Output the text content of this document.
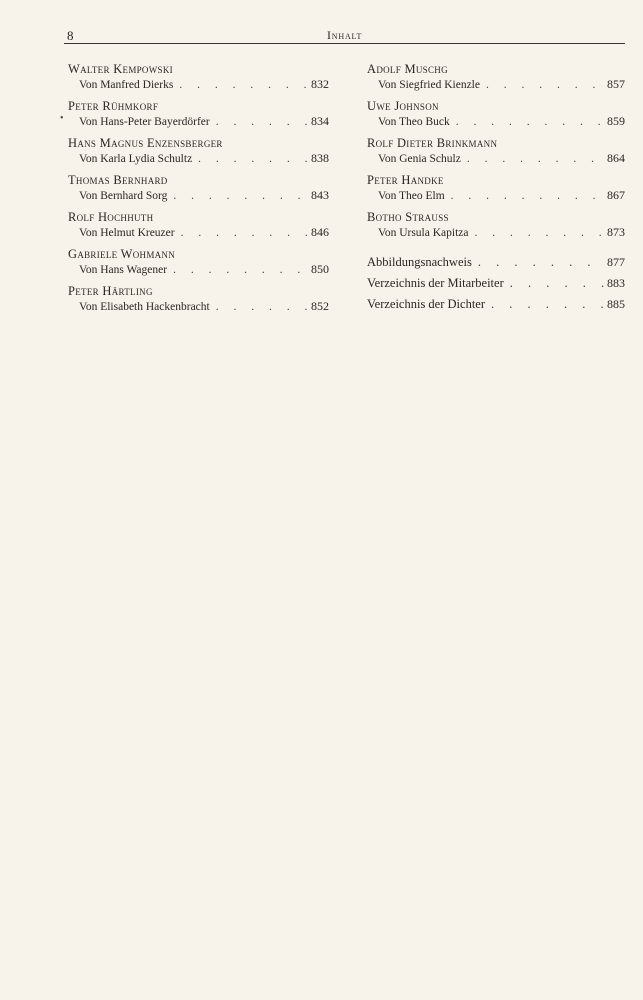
8	Inhalt
•
Walter Kempowski
Von Manfred Dierks . . .	832
Peter Rühmkorf
Von Hans-Peter Bayerdörfer . . .	834
Hans Magnus Enzensberger
Von Karla Lydia Schultz . . .	838
Thomas Bernhard
Von Bernhard Sorg . . .	843
Rolf Hochhuth
Von Helmut Kreuzer . . .	846
Gabriele Wohmann
Von Hans Wagener . . .	850
Peter Härtling
Von Elisabeth Hackenbracht . . .	852
Adolf Muschg
Von Siegfried Kienzle . . .	857
Uwe Johnson
Von Theo Buck . . .	859
Rolf Dieter Brinkmann
Von Genia Schulz . . .	864
Peter Handke
Von Theo Elm . . .	867
Botho Strauss
Von Ursula Kapitza . . .	873
Abbildungsnachweis . . .	877
Verzeichnis der Mitarbeiter . . .	883
Verzeichnis der Dichter . . .	885
